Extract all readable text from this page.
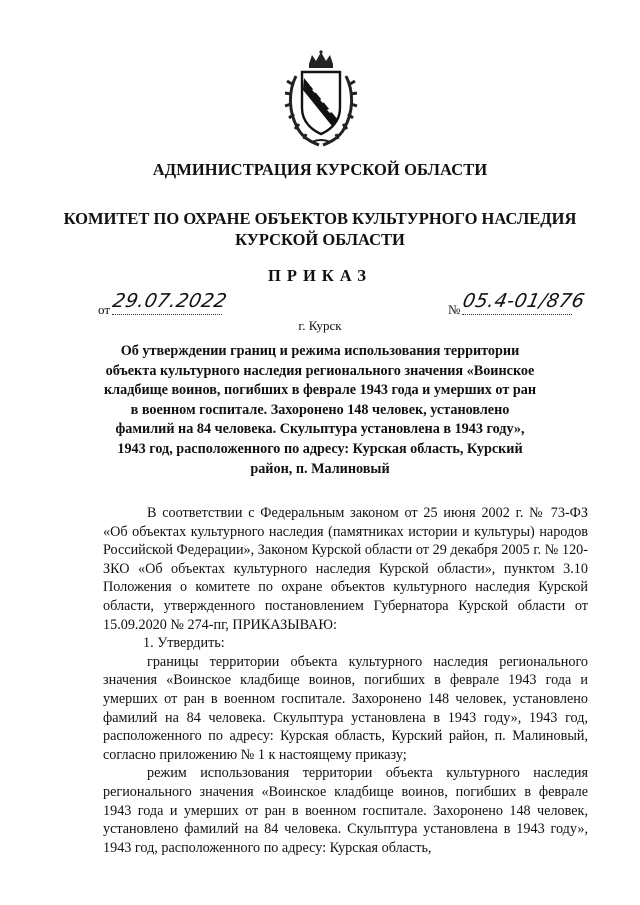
АДМИНИСТРАЦИЯ КУРСКОЙ ОБЛАСТИ
КОМИТЕТ ПО ОХРАНЕ ОБЪЕКТОВ КУЛЬТУРНОГО НАСЛЕДИЯ
КУРСКОЙ ОБЛАСТИ
ПРИКАЗ
от 29.07.2022	№ 05.4-01/876
г. Курск
Об утверждении границ и режима использования территории объекта культурного наследия регионального значения «Воинское кладбище воинов, погибших в феврале 1943 года и умерших от ран в военном госпитале. Захоронено 148 человек, установлено фамилий на 84 человека. Скульптура установлена в 1943 году», 1943 год, расположенного по адресу: Курская область, Курский район, п. Малиновый

В соответствии с Федеральным законом от 25 июня 2002 г. № 73-ФЗ «Об объектах культурного наследия (памятниках истории и культуры) народов Российской Федерации», Законом Курской области от 29 декабря 2005 г. № 120-ЗКО «Об объектах культурного наследия Курской области», пунктом 3.10 Положения о комитете по охране объектов культурного наследия Курской области, утвержденного постановлением Губернатора Курской области от 15.09.2020 № 274-пг, ПРИКАЗЫВАЮ:

1. Утвердить:

границы территории объекта культурного наследия регионального значения «Воинское кладбище воинов, погибших в феврале 1943 года и умерших от ран в военном госпитале. Захоронено 148 человек, установлено фамилий на 84 человека. Скульптура установлена в 1943 году», 1943 год, расположенного по адресу: Курская область, Курский район, п. Малиновый, согласно приложению № 1 к настоящему приказу;

режим использования территории объекта культурного наследия регионального значения «Воинское кладбище воинов, погибших в феврале 1943 года и умерших от ран в военном госпитале. Захоронено 148 человек, установлено фамилий на 84 человека. Скульптура установлена в 1943 году», 1943 год, расположенного по адресу: Курская область,
